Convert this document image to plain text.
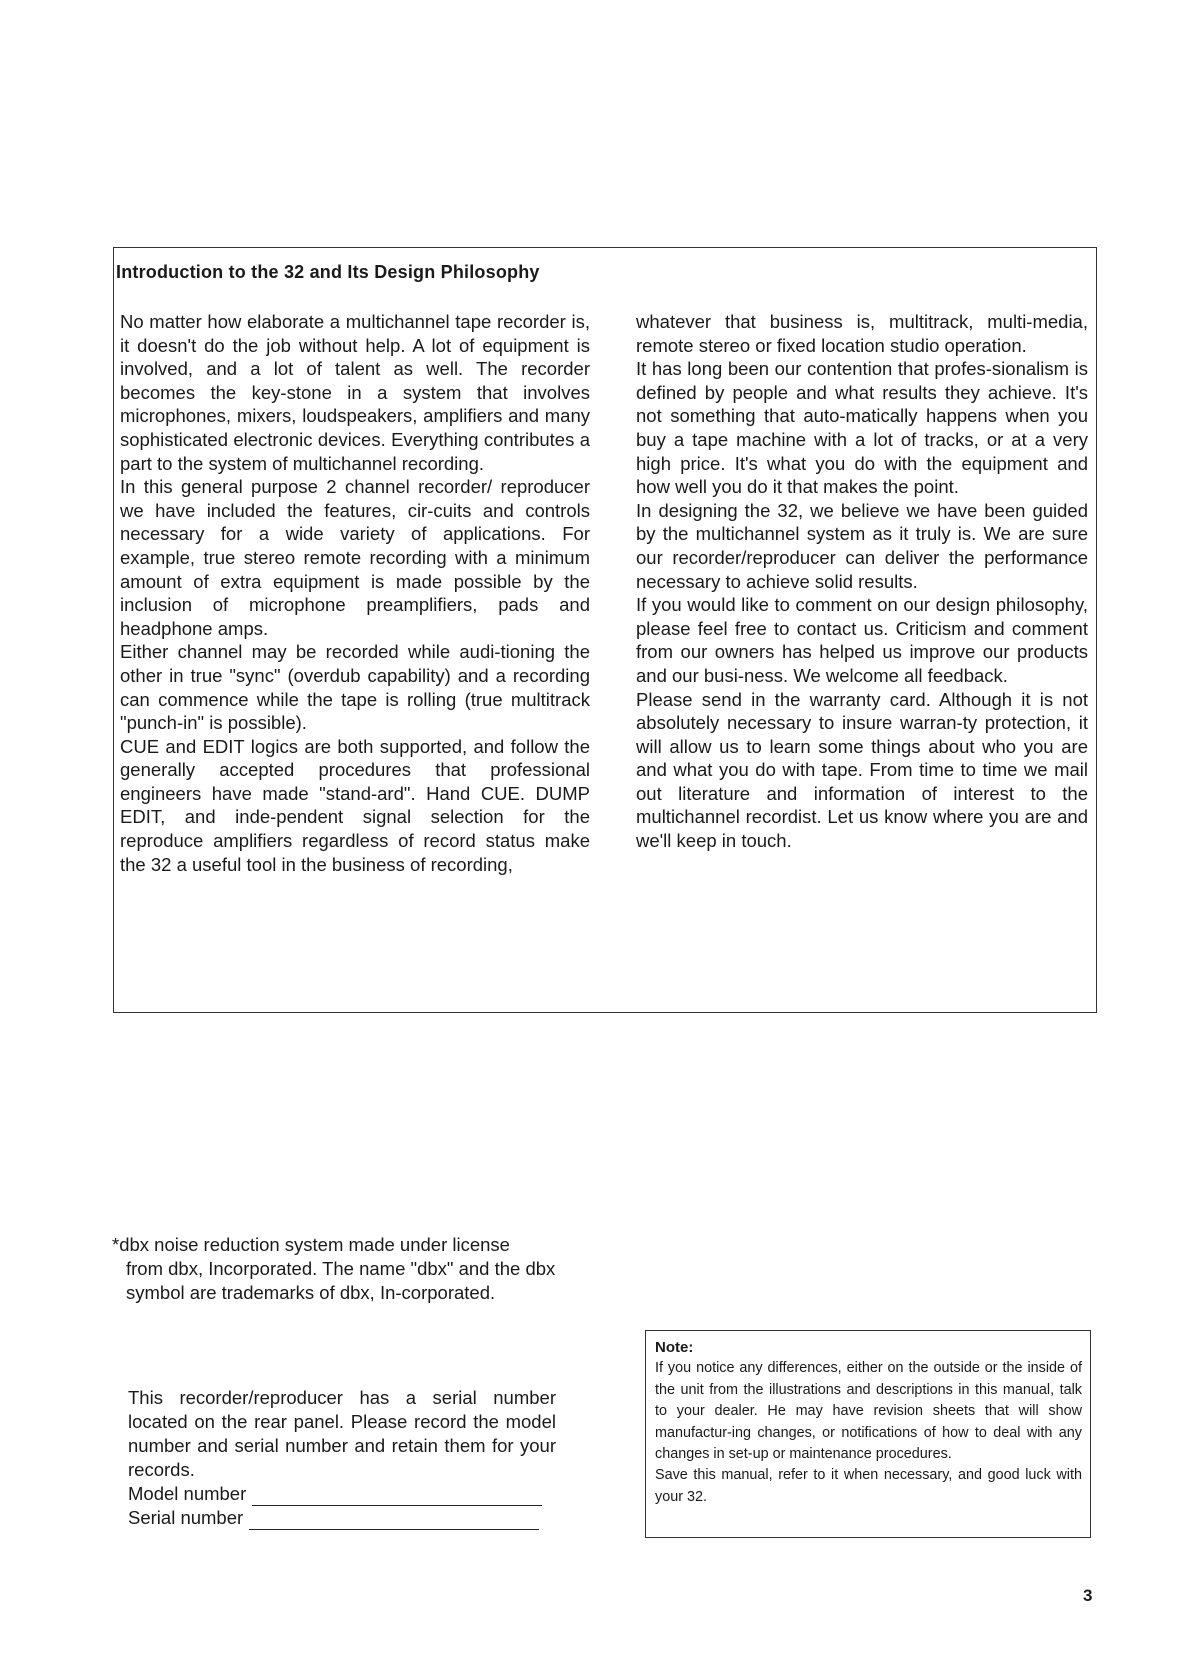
Introduction to the 32 and Its Design Philosophy

No matter how elaborate a multichannel tape recorder is, it doesn't do the job without help. A lot of equipment is involved, and a lot of talent as well. The recorder becomes the key-stone in a system that involves microphones, mixers, loudspeakers, amplifiers and many sophisticated electronic devices. Everything contributes a part to the system of multichannel recording.

In this general purpose 2 channel recorder/ reproducer we have included the features, cir-cuits and controls necessary for a wide variety of applications. For example, true stereo remote recording with a minimum amount of extra equipment is made possible by the inclusion of microphone preamplifiers, pads and headphone amps.

Either channel may be recorded while audi-tioning the other in true "sync" (overdub capability) and a recording can commence while the tape is rolling (true multitrack "punch-in" is possible).

CUE and EDIT logics are both supported, and follow the generally accepted procedures that professional engineers have made "stand-ard". Hand CUE. DUMP EDIT, and inde-pendent signal selection for the reproduce amplifiers regardless of record status make the 32 a useful tool in the business of recording,

whatever that business is, multitrack, multi-media, remote stereo or fixed location studio operation.

It has long been our contention that profes-sionalism is defined by people and what results they achieve. It's not something that auto-matically happens when you buy a tape machine with a lot of tracks, or at a very high price. It's what you do with the equipment and how well you do it that makes the point.

In designing the 32, we believe we have been guided by the multichannel system as it truly is. We are sure our recorder/reproducer can deliver the performance necessary to achieve solid results.

If you would like to comment on our design philosophy, please feel free to contact us. Criticism and comment from our owners has helped us improve our products and our busi-ness. We welcome all feedback.

Please send in the warranty card. Although it is not absolutely necessary to insure warran-ty protection, it will allow us to learn some things about who you are and what you do with tape. From time to time we mail out literature and information of interest to the multichannel recordist. Let us know where you are and we'll keep in touch.

*dbx noise reduction system made under license
from dbx, Incorporated. The name "dbx" and the dbx symbol are trademarks of dbx, In-corporated.
This recorder/reproducer has a serial number located on the rear panel. Please record the model number and serial number and retain them for your records.
Model number
Serial number
Note:

If you notice any differences, either on the outside or the inside of the unit from the illustrations and descriptions in this manual, talk to your dealer. He may have revision sheets that will show manufactur-ing changes, or notifications of how to deal with any changes in set-up or maintenance procedures.

Save this manual, refer to it when necessary, and good luck with your 32.

3
